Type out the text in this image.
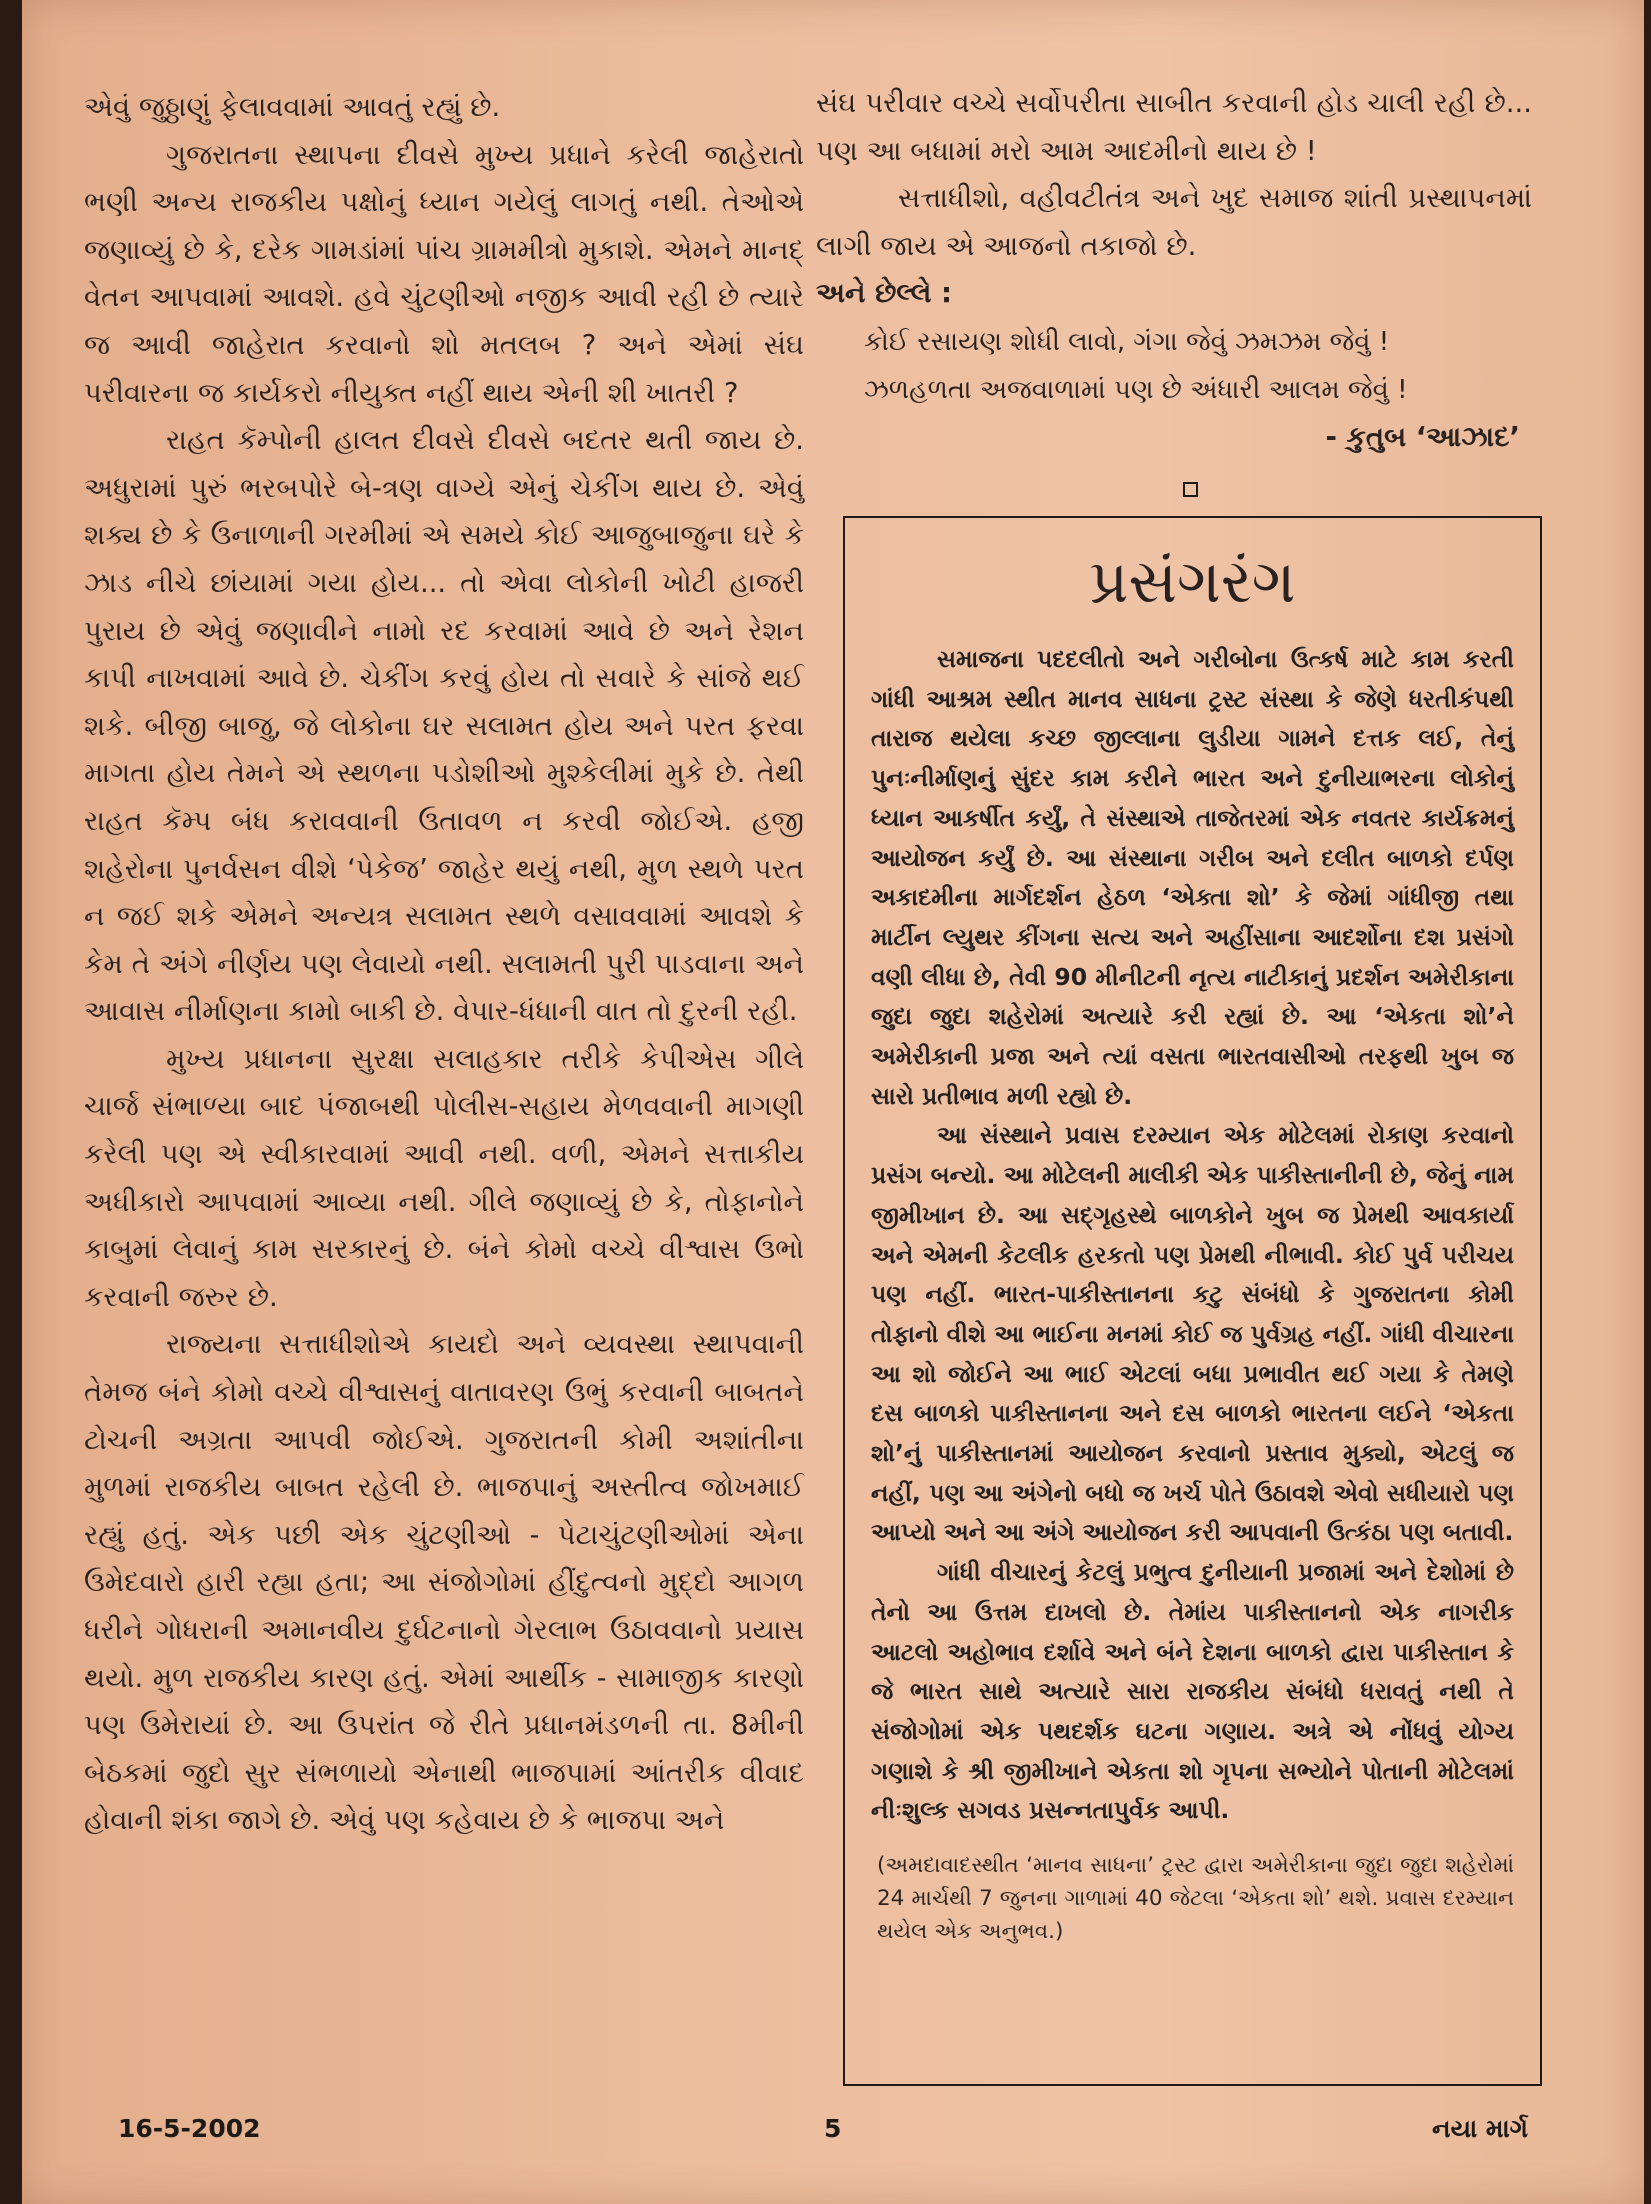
એવું જુઠ્ઠાણું ફેલાવવામાં આવતું રહ્યું છે.

ગુજરાતના સ્થાપના દીવસે મુખ્ય પ્રધાને કરેલી જાહેરાતો ભણી અન્ય રાજકીય પક્ષોનું ધ્યાન ગયેલું લાગતું નથી. તેઓએ જણાવ્યું છે કે, દરેક ગામડાંમાં પાંચ ગ્રામમીત્રો મુકાશે. એમને માનદ્ વેતન આપવામાં આવશે. હવે ચુંટણીઓ નજીક આવી રહી છે ત્યારે જ આવી જાહેરાત કરવાનો શો મતલબ ? અને એમાં સંઘ પરીવારના જ કાર્યકરો નીયુક્ત નહીં થાય એની શી ખાતરી ?

રાહત કૅમ્પોની હાલત દીવસે દીવસે બદતર થતી જાય છે. અધુરામાં પુરું ભરબપોરે બે-ત્રણ વાગ્યે એનું ચેકીંગ થાય છે. એવું શક્ય છે કે ઉનાળાની ગરમીમાં એ સમયે કોઈ આજુબાજુના ઘરે કે ઝાડ નીચે છાંયામાં ગયા હોય... તો એવા લોકોની ખોટી હાજરી પુરાય છે એવું જણાવીને નામો રદ કરવામાં આવે છે અને રેશન કાપી નાખવામાં આવે છે. ચેકીંગ કરવું હોય તો સવારે કે સાંજે થઈ શકે. બીજી બાજુ, જે લોકોના ઘર સલામત હોય અને પરત ફરવા માગતા હોય તેમને એ સ્થળના પડોશીઓ મુશ્કેલીમાં મુકે છે. તેથી રાહત કૅમ્પ બંધ કરાવવાની ઉતાવળ ન કરવી જોઈએ. હજી શહેરોના પુનર્વસન વીશે ‘પેકેજ’ જાહેર થયું નથી, મુળ સ્થળે પરત ન જઈ શકે એમને અન્યત્ર સલામત સ્થળે વસાવવામાં આવશે કે કેમ તે અંગે નીર્ણય પણ લેવાયો નથી. સલામતી પુરી પાડવાના અને આવાસ નીર્માણના કામો બાકી છે. વેપાર-ધંધાની વાત તો દુરની રહી.

મુખ્ય પ્રધાનના સુરક્ષા સલાહકાર તરીકે કેપીએસ ગીલે ચાર્જ સંભાળ્યા બાદ પંજાબથી પોલીસ-સહાય મેળવવાની માગણી કરેલી પણ એ સ્વીકારવામાં આવી નથી. વળી, એમને સત્તાકીય અધીકારો આપવામાં આવ્યા નથી. ગીલે જણાવ્યું છે કે, તોફાનોને કાબુમાં લેવાનું કામ સરકારનું છે. બંને કોમો વચ્ચે વીશ્વાસ ઉભો કરવાની જરુર છે.

રાજ્યના સત્તાધીશોએ કાયદો અને વ્યવસ્થા સ્થાપવાની તેમજ બંને કોમો વચ્ચે વીશ્વાસનું વાતાવરણ ઉભું કરવાની બાબતને ટોચની અગ્રતા આપવી જોઈએ. ગુજરાતની કોમી અશાંતીના મુળમાં રાજકીય બાબત રહેલી છે. ભાજપાનું અસ્તીત્વ જોખમાઈ રહ્યું હતું. એક પછી એક ચુંટણીઓ - પેટાચુંટણીઓમાં એના ઉમેદવારો હારી રહ્યા હતા; આ સંજોગોમાં હીંદુત્વનો મુદ્દો આગળ ધરીને ગોધરાની અમાનવીય દુર્ઘટનાનો ગેરલાભ ઉઠાવવાનો પ્રયાસ થયો. મુળ રાજકીય કારણ હતું. એમાં આર્થીક - સામાજીક કારણો પણ ઉમેરાયાં છે. આ ઉપરાંત જે રીતે પ્રધાનમંડળની તા. 8મીની બેઠકમાં જુદો સુર સંભળાયો એનાથી ભાજપામાં આંતરીક વીવાદ હોવાની શંકા જાગે છે. એવું પણ કહેવાય છે કે ભાજપા અને

સંઘ પરીવાર વચ્ચે સર્વોપરીતા સાબીત કરવાની હોડ ચાલી રહી છે... પણ આ બધામાં મરો આમ આદમીનો થાય છે !

સત્તાધીશો, વહીવટીતંત્ર અને ખુદ સમાજ શાંતી પ્રસ્થાપનમાં લાગી જાય એ આજનો તકાજો છે.

અને છેલ્લે :

કોઈ રસાયણ શોધી લાવો, ગંગા જેવું ઝમઝમ જેવું !

ઝળહળતા અજવાળામાં પણ છે અંધારી આલમ જેવું !

- કુતુબ ‘આઝાદ’

પ્રસંગરંગ

સમાજના પદદલીતો અને ગરીબોના ઉત્કર્ષ માટે કામ કરતી ગાંધી આશ્રમ સ્થીત માનવ સાધના ટ્રસ્ટ સંસ્થા કે જેણે ધરતીકંપથી તારાજ થયેલા કચ્છ જીલ્લાના લુડીયા ગામને દત્તક લઈ, તેનું પુનઃનીર્માણનું સુંદર કામ કરીને ભારત અને દુનીયાભરના લોકોનું ધ્યાન આકર્ષીત કર્યું, તે સંસ્થાએ તાજેતરમાં એક નવતર કાર્યક્રમનું આયોજન કર્યું છે. આ સંસ્થાના ગરીબ અને દલીત બાળકો દર્પણ અકાદમીના માર્ગદર્શન હેઠળ ‘એક્તા શો’ કે જેમાં ગાંધીજી તથા માર્ટીન લ્યુથર કીંગના સત્ય અને અહીંસાના આદર્શોના દશ પ્રસંગો વણી લીધા છે, તેવી 90 મીનીટની નૃત્ય નાટીકાનું પ્રદર્શન અમેરીકાના જુદા જુદા શહેરોમાં અત્યારે કરી રહ્યાં છે. આ ‘એકતા શો’ને અમેરીકાની પ્રજા અને ત્યાં વસતા ભારતવાસીઓ તરફથી ખુબ જ સારો પ્રતીભાવ મળી રહ્યો છે.

આ સંસ્થાને પ્રવાસ દરમ્યાન એક મોટેલમાં રોકાણ કરવાનો પ્રસંગ બન્યો. આ મોટેલની માલીકી એક પાકીસ્તાનીની છે, જેનું નામ જીમીખાન છે. આ સદ્ગૃહસ્થે બાળકોને ખુબ જ પ્રેમથી આવકાર્યા અને એમની કેટલીક હરકતો પણ પ્રેમથી નીભાવી. કોઈ પુર્વ પરીચય પણ નહીં. ભારત-પાકીસ્તાનના કટુ સંબંધો કે ગુજરાતના કોમી તોફાનો વીશે આ ભાઈના મનમાં કોઈ જ પુર્વગ્રહ નહીં. ગાંધી વીચારના આ શો જોઈને આ ભાઈ એટલાં બધા પ્રભાવીત થઈ ગયા કે તેમણે દસ બાળકો પાકીસ્તાનના અને દસ બાળકો ભારતના લઈને ‘એકતા શો’નું પાકીસ્તાનમાં આયોજન કરવાનો પ્રસ્તાવ મુક્યો, એટલું જ નહીં, પણ આ અંગેનો બધો જ ખર્ચ પોતે ઉઠાવશે એવો સધીયારો પણ આપ્યો અને આ અંગે આયોજન કરી આપવાની ઉત્કંઠા પણ બતાવી.

ગાંધી વીચારનું કેટલું પ્રભુત્વ દુનીયાની પ્રજામાં અને દેશોમાં છે તેનો આ ઉત્તમ દાખલો છે. તેમાંય પાકીસ્તાનનો એક નાગરીક આટલો અહોભાવ દર્શાવે અને બંને દેશના બાળકો દ્વારા પાકીસ્તાન કે જે ભારત સાથે અત્યારે સારા રાજકીય સંબંધો ધરાવતું નથી તે સંજોગોમાં એક પથદર્શક ઘટના ગણાય. અત્રે એ નોંધવું યોગ્ય ગણાશે કે શ્રી જીમીખાને એકતા શો ગૃપના સભ્યોને પોતાની મોટેલમાં નીઃશુલ્ક સગવડ પ્રસન્નતાપુર્વક આપી.

(અમદાવાદસ્થીત ‘માનવ સાધના’ ટ્રસ્ટ દ્વારા અમેરીકાના જુદા જુદા શહેરોમાં 24 માર્ચથી 7 જુનના ગાળામાં 40 જેટલા ‘એકતા શો’ થશે. પ્રવાસ દરમ્યાન થયેલ એક અનુભવ.)
16-5-2002	5	નયા માર્ગ
